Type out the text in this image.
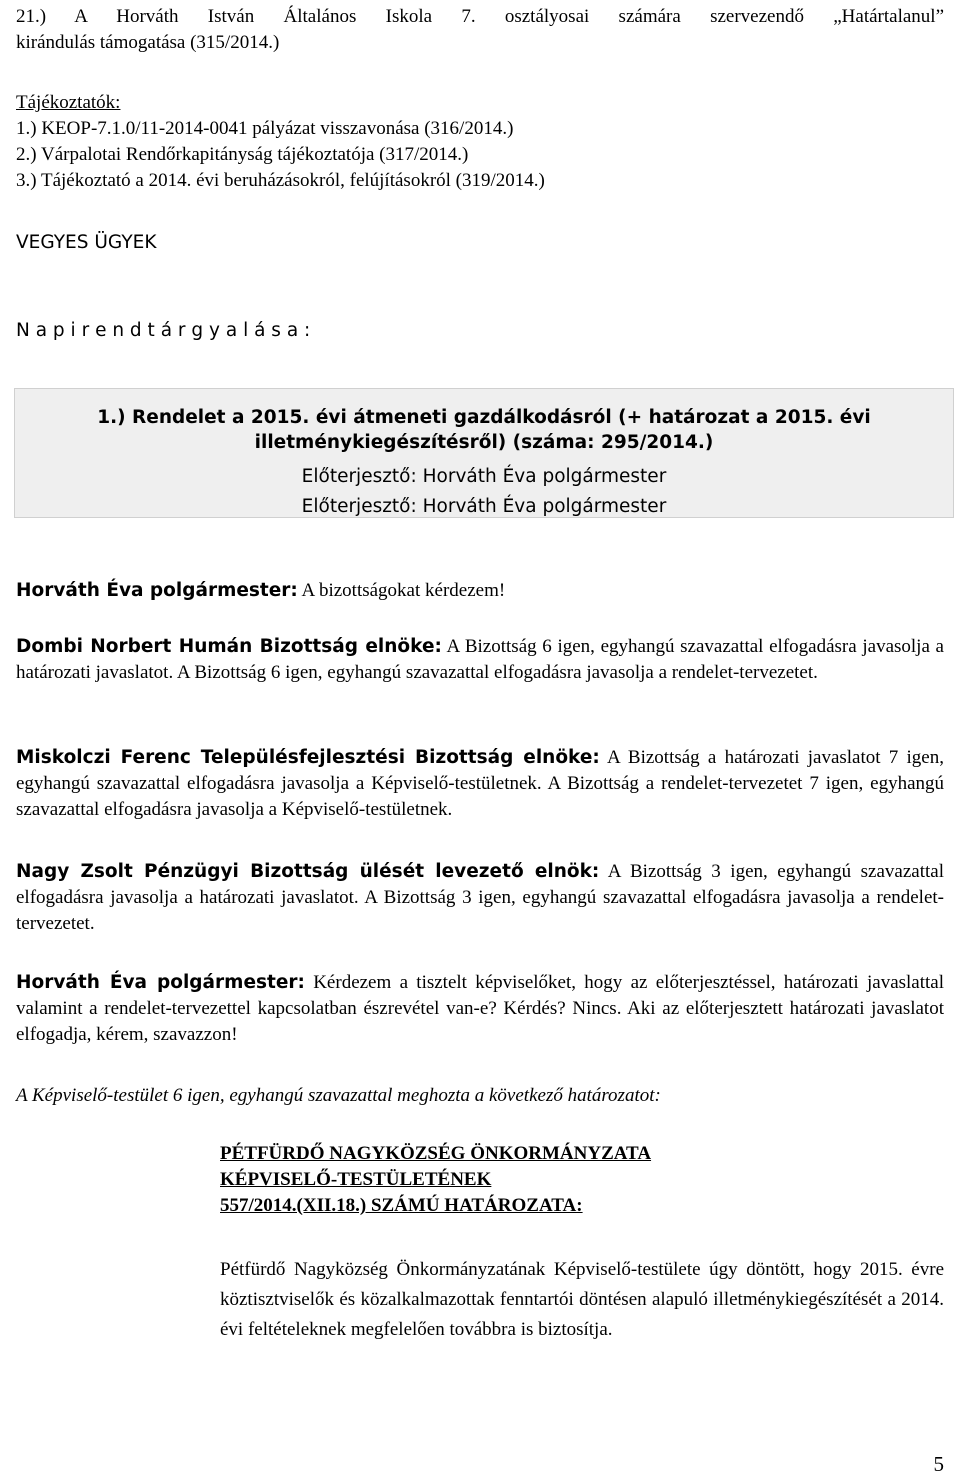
21.) A Horváth István Általános Iskola 7. osztályosai számára szervezendő „Határtalanul”

kirándulás támogatása (315/2014.)

Tájékoztatók:

1.) KEOP-7.1.0/11-2014-0041 pályázat visszavonása (316/2014.)

2.) Várpalotai Rendőrkapitányság tájékoztatója (317/2014.)

3.) Tájékoztató a 2014. évi beruházásokról, felújításokról (319/2014.)

VEGYES ÜGYEK

N a p i r e n d t á r g y a l á s a :

1.) Rendelet a 2015. évi átmeneti gazdálkodásról (+ határozat a 2015. évi

illetménykiegészítésről) (száma: 295/2014.)

Előterjesztő: Horváth Éva polgármester

Előterjesztő: Horváth Éva polgármester

Horváth Éva polgármester: A bizottságokat kérdezem!

Dombi Norbert Humán Bizottság elnöke: A Bizottság 6 igen, egyhangú szavazattal elfogadásra javasolja a határozati javaslatot. A Bizottság 6 igen, egyhangú szavazattal elfogadásra javasolja a rendelet-tervezetet.

Miskolczi Ferenc Településfejlesztési Bizottság elnöke: A Bizottság a határozati javaslatot 7 igen, egyhangú szavazattal elfogadásra javasolja a Képviselő-testületnek. A Bizottság a rendelet-tervezetet 7 igen, egyhangú szavazattal elfogadásra javasolja a Képviselő-testületnek.

Nagy Zsolt Pénzügyi Bizottság ülését levezető elnök: A Bizottság 3 igen, egyhangú szavazattal elfogadásra javasolja a határozati javaslatot. A Bizottság 3 igen, egyhangú szavazattal elfogadásra javasolja a rendelet-tervezetet.

Horváth Éva polgármester: Kérdezem a tisztelt képviselőket, hogy az előterjesztéssel, határozati javaslattal valamint a rendelet-tervezettel kapcsolatban észrevétel van-e? Kérdés? Nincs. Aki az előterjesztett határozati javaslatot elfogadja, kérem, szavazzon!

A Képviselő-testület 6 igen, egyhangú szavazattal meghozta a következő határozatot:

PÉTFÜRDŐ NAGYKÖZSÉG ÖNKORMÁNYZATA

KÉPVISELŐ-TESTÜLETÉNEK

557/2014.(XII.18.) SZÁMÚ HATÁROZATA:

Pétfürdő Nagyközség Önkormányzatának Képviselő-testülete úgy döntött, hogy 2015. évre köztisztviselők és közalkalmazottak fenntartói döntésen alapuló illetménykiegészítését a 2014. évi feltételeknek megfelelően továbbra is biztosítja.

5
